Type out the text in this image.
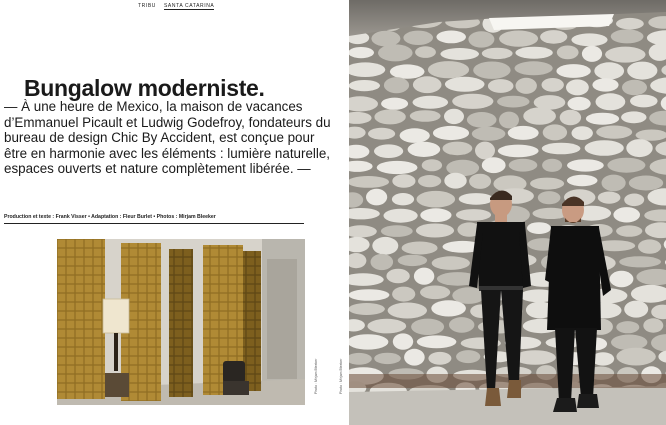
TRIBU SANTA CATARINA
Bungalow moderniste.

— À une heure de Mexico, la maison de vacances d’Emmanuel Picault et Ludwig Godefroy, fondateurs du bureau de design Chic By Accident, est conçue pour être en harmonie avec les éléments : lumière naturelle, espaces ouverts et nature complètement libérée. —

Production et texte : Frank Visser • Adaptation : Fleur Burlet • Photos : Mirjam Bleeker
Photo : Mirjam Bleeker	Photo : Mirjam Bleeker
